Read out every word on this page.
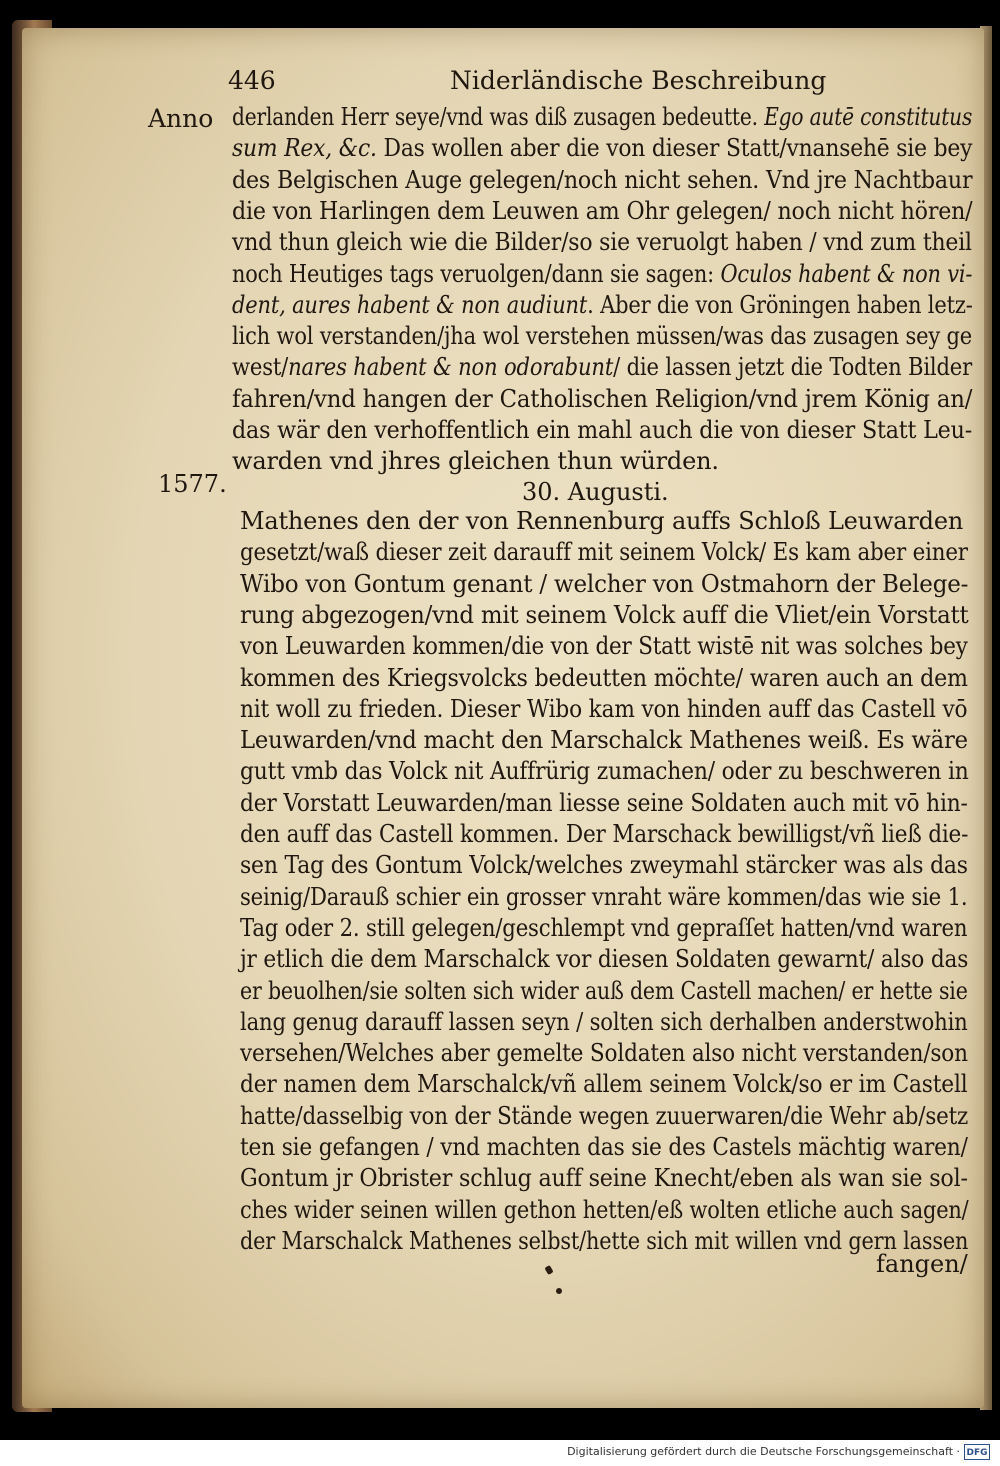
446	Niderländische Beschreibung
Anno
1577.
derlanden Herr seye/vnd was diß zusagen bedeutte. Ego autē constitutus
sum Rex, &c. Das wollen aber die von dieser Statt/vnansehē sie bey
des Belgischen Auge gelegen/noch nicht sehen. Vnd jre Nachtbaur
die von Harlingen dem Leuwen am Ohr gelegen/ noch nicht hören/
vnd thun gleich wie die Bilder/so sie veruolgt haben / vnd zum theil
noch Heutiges tags veruolgen/dann sie sagen: Oculos habent & non vi-
dent, aures habent & non audiunt. Aber die von Gröningen haben letz-
lich wol verstanden/jha wol verstehen müssen/was das zusagen sey ge
west/nares habent & non odorabunt/ die lassen jetzt die Todten Bilder
fahren/vnd hangen der Catholischen Religion/vnd jrem König an/
das wär den verhoffentlich ein mahl auch die von dieser Statt Leu-
warden vnd jhres gleichen thun würden.
30. Augusti.
Mathenes den der von Rennenburg auffs Schloß Leuwarden
gesetzt/waß dieser zeit darauff mit seinem Volck/ Es kam aber einer
Wibo von Gontum genant / welcher von Ostmahorn der Belege-
rung abgezogen/vnd mit seinem Volck auff die Vliet/ein Vorstatt
von Leuwarden kommen/die von der Statt wistē nit was solches bey
kommen des Kriegsvolcks bedeutten möchte/ waren auch an dem
nit woll zu frieden. Dieser Wibo kam von hinden auff das Castell vō
Leuwarden/vnd macht den Marschalck Mathenes weiß. Es wäre
gutt vmb das Volck nit Auffrürig zumachen/ oder zu beschweren in
der Vorstatt Leuwarden/man liesse seine Soldaten auch mit vō hin-
den auff das Castell kommen. Der Marschack bewilligst/vñ ließ die-
sen Tag des Gontum Volck/welches zweymahl stärcker was als das
seinig/Darauß schier ein grosser vnraht wäre kommen/das wie sie 1.
Tag oder 2. still gelegen/geschlempt vnd gepraſſet hatten/vnd waren
jr etlich die dem Marschalck vor diesen Soldaten gewarnt/ also das
er beuolhen/sie solten sich wider auß dem Castell machen/ er hette sie
lang genug darauff lassen seyn / solten sich derhalben anderstwohin
versehen/Welches aber gemelte Soldaten also nicht verstanden/son
der namen dem Marschalck/vñ allem seinem Volck/so er im Castell
hatte/dasselbig von der Stände wegen zuuerwaren/die Wehr ab/setz
ten sie gefangen / vnd machten das sie des Castels mächtig waren/
Gontum jr Obrister schlug auff seine Knecht/eben als wan sie sol-
ches wider seinen willen gethon hetten/eß wolten etliche auch sagen/
der Marschalck Mathenes selbst/hette sich mit willen vnd gern lassen
fangen/
Digitalisierung gefördert durch die Deutsche Forschungsgemeinschaft · DFG
